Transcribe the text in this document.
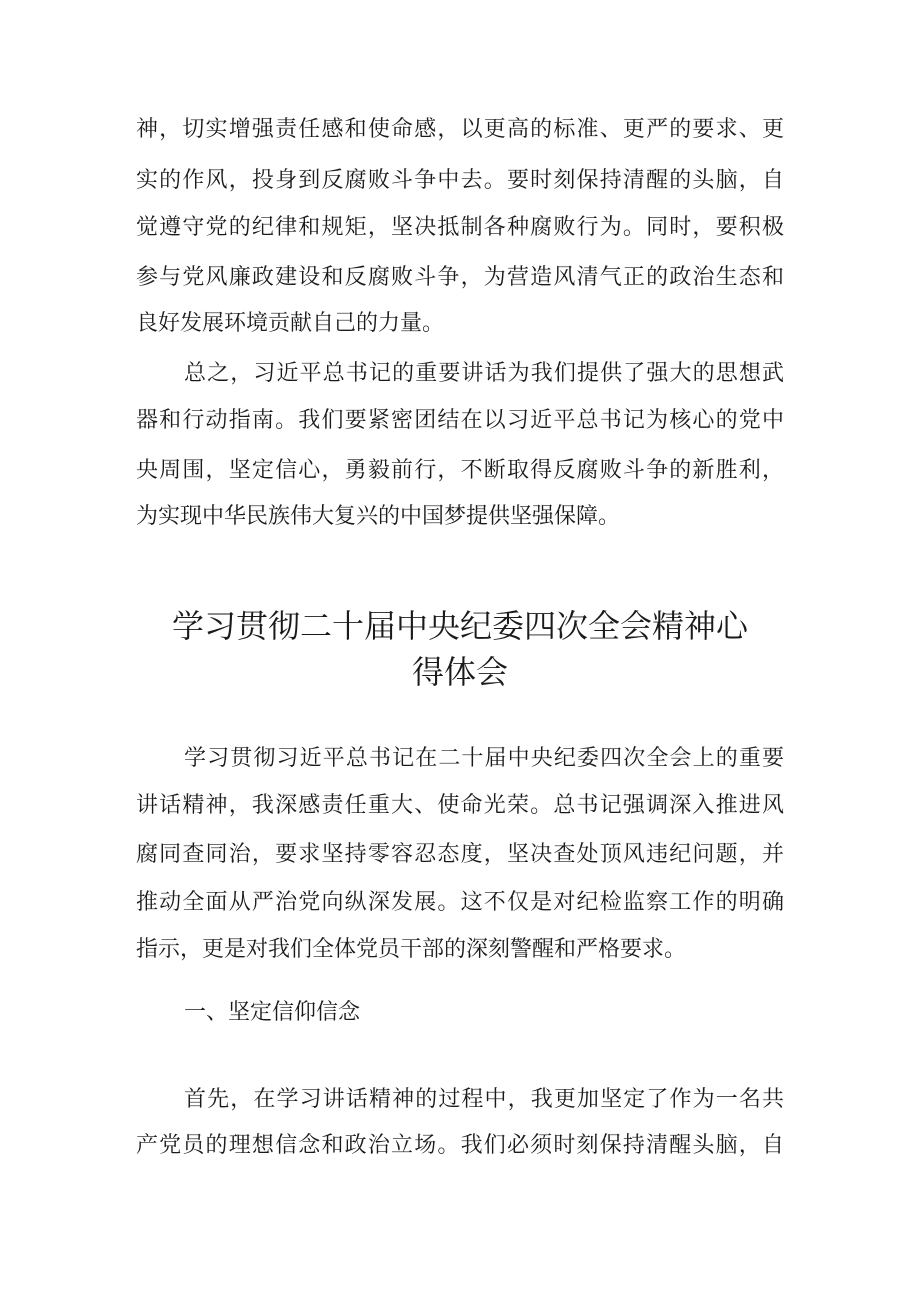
神，切实增强责任感和使命感，以更高的标准、更严的要求、更
实的作风，投身到反腐败斗争中去。要时刻保持清醒的头脑，自
觉遵守党的纪律和规矩，坚决抵制各种腐败行为。同时，要积极
参与党风廉政建设和反腐败斗争，为营造风清气正的政治生态和
良好发展环境贡献自己的力量。
总之，习近平总书记的重要讲话为我们提供了强大的思想武
器和行动指南。我们要紧密团结在以习近平总书记为核心的党中
央周围，坚定信心，勇毅前行，不断取得反腐败斗争的新胜利，
为实现中华民族伟大复兴的中国梦提供坚强保障。
学习贯彻二十届中央纪委四次全会精神心
得体会
学习贯彻习近平总书记在二十届中央纪委四次全会上的重要
讲话精神，我深感责任重大、使命光荣。总书记强调深入推进风
腐同查同治，要求坚持零容忍态度，坚决查处顶风违纪问题，并
推动全面从严治党向纵深发展。这不仅是对纪检监察工作的明确
指示，更是对我们全体党员干部的深刻警醒和严格要求。
一、坚定信仰信念
首先，在学习讲话精神的过程中，我更加坚定了作为一名共
产党员的理想信念和政治立场。我们必须时刻保持清醒头脑，自
